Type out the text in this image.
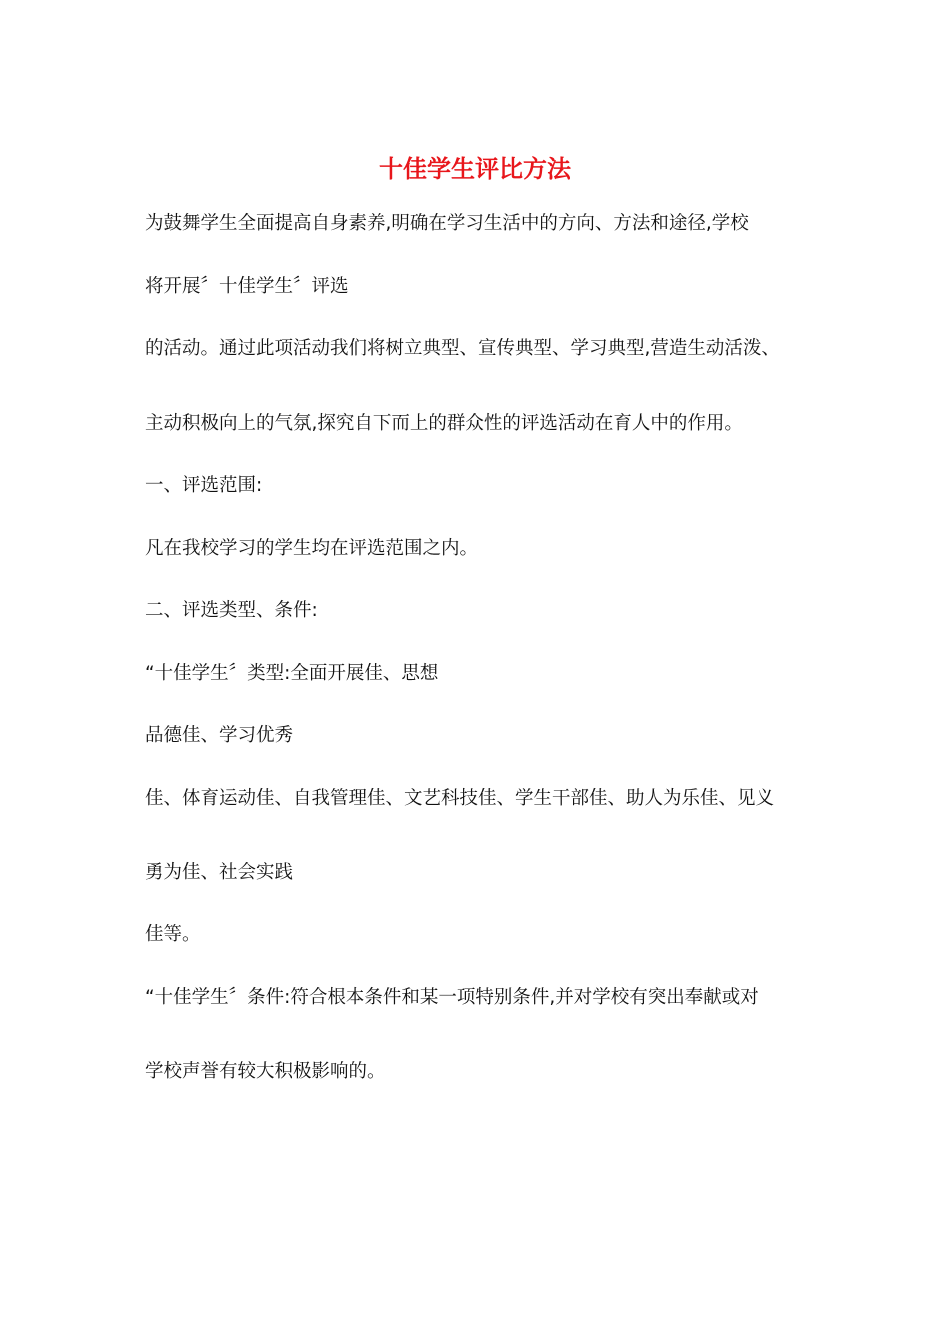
十佳学生评比方法

为鼓舞学生全面提高自身素养,明确在学习生活中的方向、方法和途径,学校

将开展〞十佳学生〞评选

的活动。通过此项活动我们将树立典型、宣传典型、学习典型,营造生动活泼、

主动积极向上的气氛,探究自下而上的群众性的评选活动在育人中的作用。

一、评选范围:

凡在我校学习的学生均在评选范围之内。

二、评选类型、条件:

“十佳学生〞类型:全面开展佳、思想

品德佳、学习优秀

佳、体育运动佳、自我管理佳、文艺科技佳、学生干部佳、助人为乐佳、见义

勇为佳、社会实践

佳等。

“十佳学生〞条件:符合根本条件和某一项特别条件,并对学校有突出奉献或对

学校声誉有较大积极影响的。
